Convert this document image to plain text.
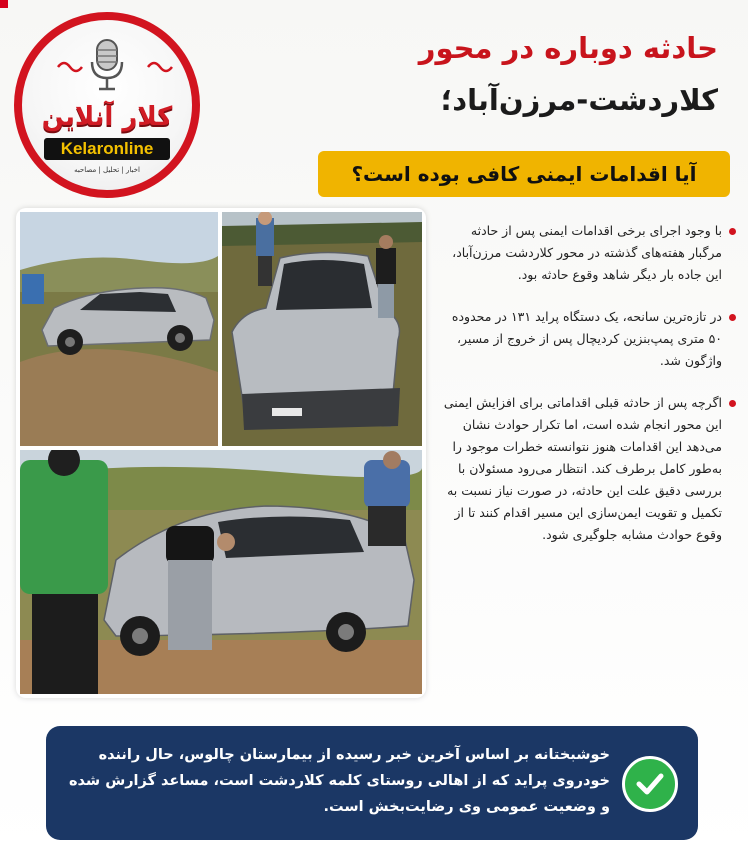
کلار آنلاین
Kelaronline
اخبار | تحلیل | مصاحبه
حادثه دوباره در محور
کلاردشت-مرزن‌آباد؛
آیا اقدامات ایمنی کافی بوده است؟
با وجود اجرای برخی اقدامات ایمنی پس از حادثه مرگبار هفته‌های گذشته در محور کلاردشت مرزن‌آباد، این جاده بار دیگر شاهد وقوع حادثه بود.
در تازه‌ترین سانحه، یک دستگاه پراید ۱۳۱ در محدوده ۵۰ متری پمپ‌بنزین کردیچال پس از خروج از مسیر، واژگون شد.
اگرچه پس از حادثه قبلی اقداماتی برای افزایش ایمنی این محور انجام شده است، اما تکرار حوادث نشان می‌دهد این اقدامات هنوز نتوانسته خطرات موجود را به‌طور کامل برطرف کند. انتظار می‌رود مسئولان با بررسی دقیق علت این حادثه، در صورت نیاز نسبت به تکمیل و تقویت ایمن‌سازی این مسیر اقدام کنند تا از وقوع حوادث مشابه جلوگیری شود.
خوشبختانه بر اساس آخرین خبر رسیده از بیمارستان چالوس، حال راننده خودروی پراید که از اهالی روستای کلمه کلاردشت است، مساعد گزارش شده و وضعیت عمومی وی رضایت‌بخش است.
